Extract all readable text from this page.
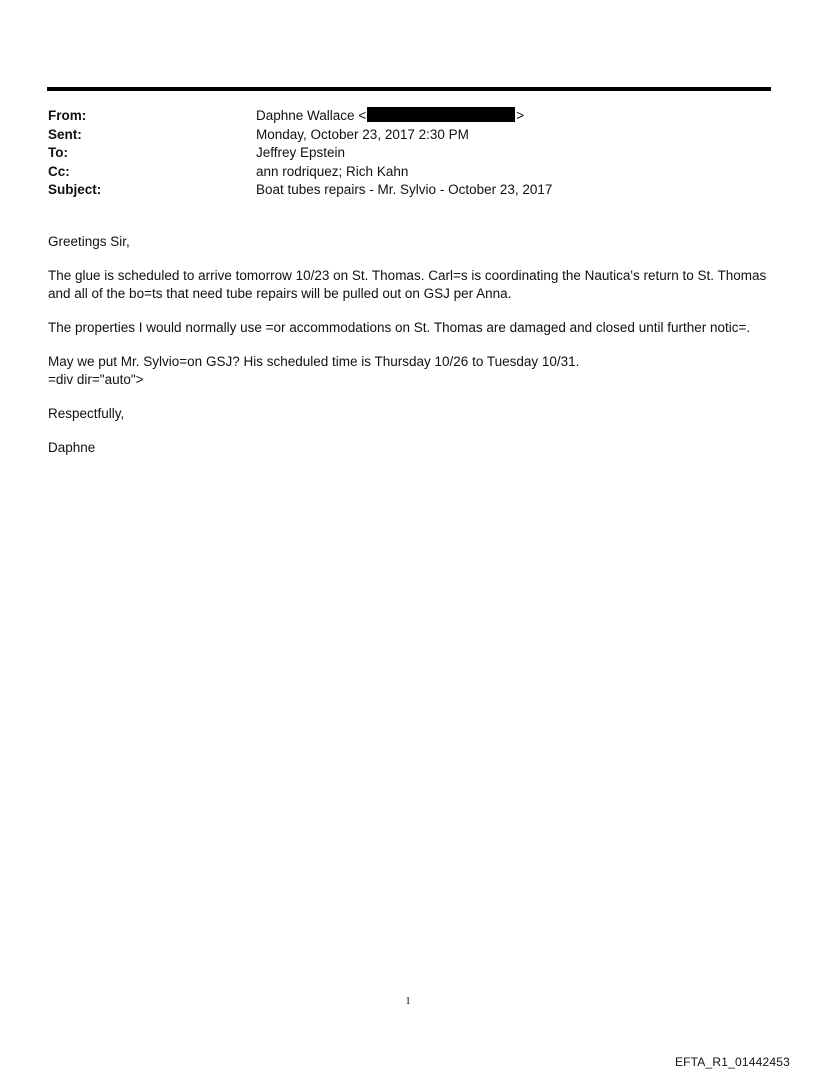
From:	Daphne Wallace <	>
Sent:	Monday, October 23, 2017 2:30 PM
To:	Jeffrey Epstein
Cc:	ann rodriquez; Rich Kahn
Subject:	Boat tubes repairs - Mr. Sylvio - October 23, 2017

Greetings Sir,

The glue is scheduled to arrive tomorrow 10/23 on St. Thomas. Carl=s is coordinating the Nautica's return to St. Thomas
and all of the bo=ts that need tube repairs will be pulled out on GSJ per Anna.

The properties I would normally use =or accommodations on St. Thomas are damaged and closed until further notic=.

May we put Mr. Sylvio=on GSJ? His scheduled time is Thursday 10/26 to Tuesday 10/31.
=div dir="auto">

Respectfully,

Daphne

1
EFTA_R1_01442453
